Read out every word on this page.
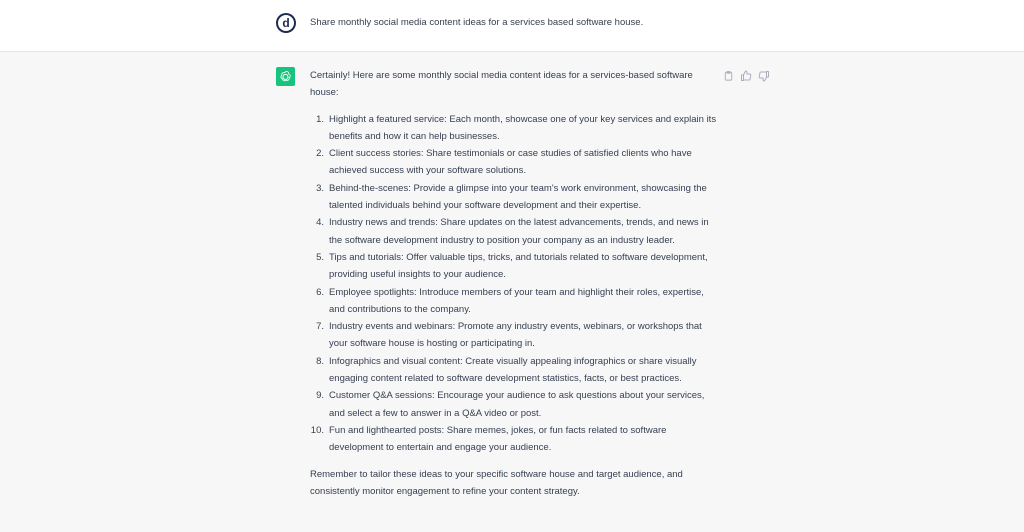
d	Share monthly social media content ideas for a services based software house.

Certainly! Here are some monthly social media content ideas for a services-based software house:

1. Highlight a featured service: Each month, showcase one of your key services and explain its benefits and how it can help businesses.
2. Client success stories: Share testimonials or case studies of satisfied clients who have achieved success with your software solutions.
3. Behind-the-scenes: Provide a glimpse into your team's work environment, showcasing the talented individuals behind your software development and their expertise.
4. Industry news and trends: Share updates on the latest advancements, trends, and news in the software development industry to position your company as an industry leader.
5. Tips and tutorials: Offer valuable tips, tricks, and tutorials related to software development, providing useful insights to your audience.
6. Employee spotlights: Introduce members of your team and highlight their roles, expertise, and contributions to the company.
7. Industry events and webinars: Promote any industry events, webinars, or workshops that your software house is hosting or participating in.
8. Infographics and visual content: Create visually appealing infographics or share visually engaging content related to software development statistics, facts, or best practices.
9. Customer Q&A sessions: Encourage your audience to ask questions about your services, and select a few to answer in a Q&A video or post.
10. Fun and lighthearted posts: Share memes, jokes, or fun facts related to software development to entertain and engage your audience.

Remember to tailor these ideas to your specific software house and target audience, and consistently monitor engagement to refine your content strategy.
